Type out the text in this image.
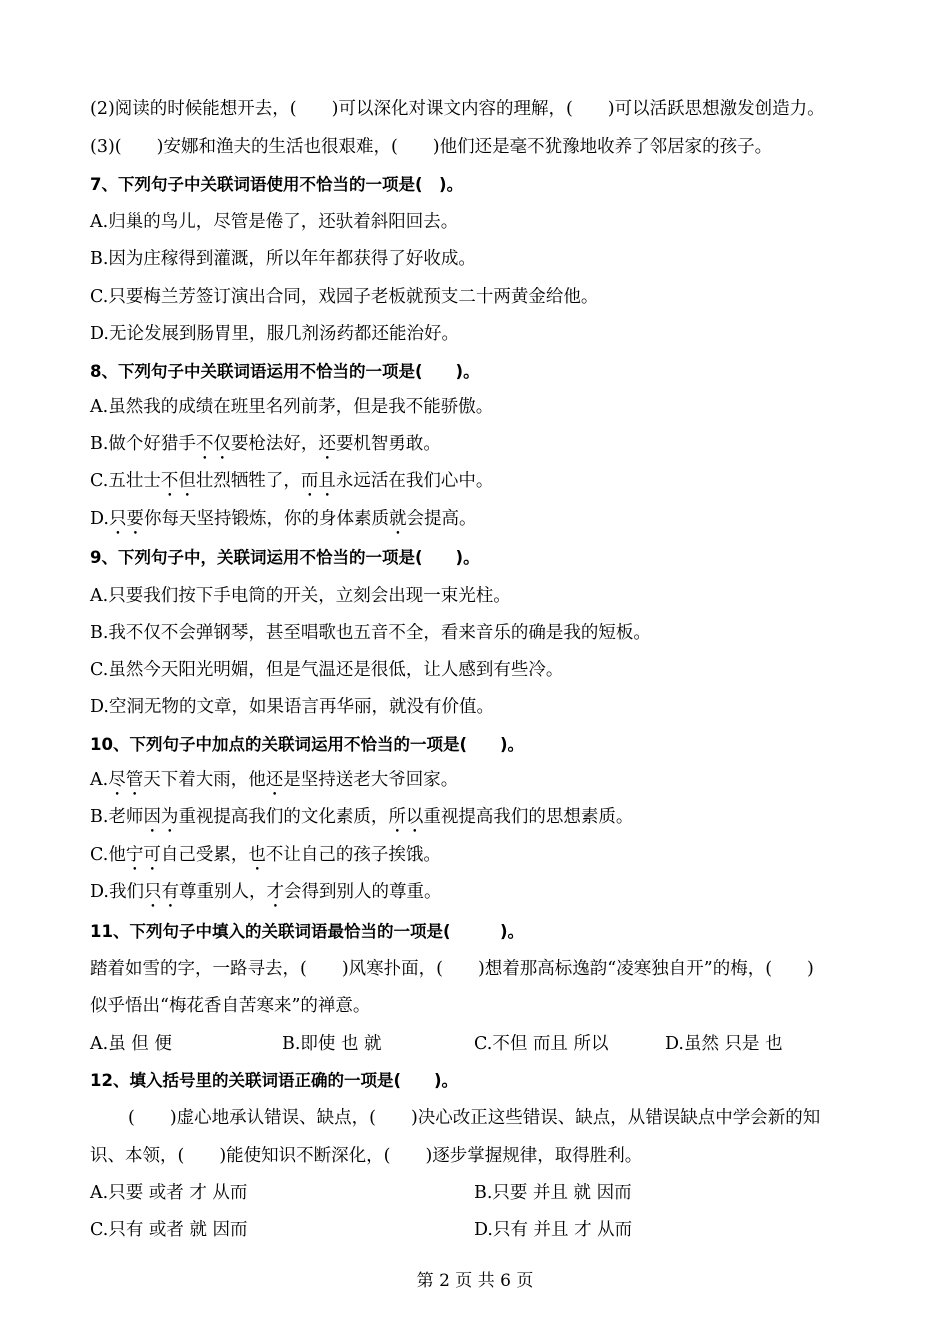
(2)阅读的时候能想开去，(　　)可以深化对课文内容的理解，(　　)可以活跃思想激发创造力。
(3)(　　)安娜和渔夫的生活也很艰难，(　　)他们还是毫不犹豫地收养了邻居家的孩子。
7、下列句子中关联词语使用不恰当的一项是(　)。
A.归巢的鸟儿，尽管是倦了，还驮着斜阳回去。
B.因为庄稼得到灌溉，所以年年都获得了好收成。
C.只要梅兰芳签订演出合同，戏园子老板就预支二十两黄金给他。
D.无论发展到肠胃里，服几剂汤药都还能治好。
8、下列句子中关联词语运用不恰当的一项是(　　)。
A.虽然我的成绩在班里名列前茅，但是我不能骄傲。
B.做个好猎手不仅要枪法好，还要机智勇敢。
C.五壮士不但壮烈牺牲了，而且永远活在我们心中。
D.只要你每天坚持锻炼，你的身体素质就会提高。
9、下列句子中，关联词运用不恰当的一项是(　　)。
A.只要我们按下手电筒的开关，立刻会出现一束光柱。
B.我不仅不会弹钢琴，甚至唱歌也五音不全，看来音乐的确是我的短板。
C.虽然今天阳光明媚，但是气温还是很低，让人感到有些冷。
D.空洞无物的文章，如果语言再华丽，就没有价值。
10、下列句子中加点的关联词运用不恰当的一项是(　　)。
A.尽管天下着大雨，他还是坚持送老大爷回家。
B.老师因为重视提高我们的文化素质，所以重视提高我们的思想素质。
C.他宁可自己受累，也不让自己的孩子挨饿。
D.我们只有尊重别人，才会得到别人的尊重。
11、下列句子中填入的关联词语最恰当的一项是(　　　)。
踏着如雪的字，一路寻去，(　　)风寒扑面，(　　)想着那高标逸韵“凌寒独自开”的梅，(　　)
似乎悟出“梅花香自苦寒来”的禅意。
A.虽 但 便	B.即使 也 就	C.不但 而且 所以	D.虽然 只是 也
12、填入括号里的关联词语正确的一项是(　　)。
(　　)虚心地承认错误、缺点，(　　)决心改正这些错误、缺点，从错误缺点中学会新的知
识、本领，(　　)能使知识不断深化，(　　)逐步掌握规律，取得胜利。
A.只要 或者 才 从而	B.只要 并且 就 因而
C.只有 或者 就 因而	D.只有 并且 才 从而
第 2 页 共 6 页
